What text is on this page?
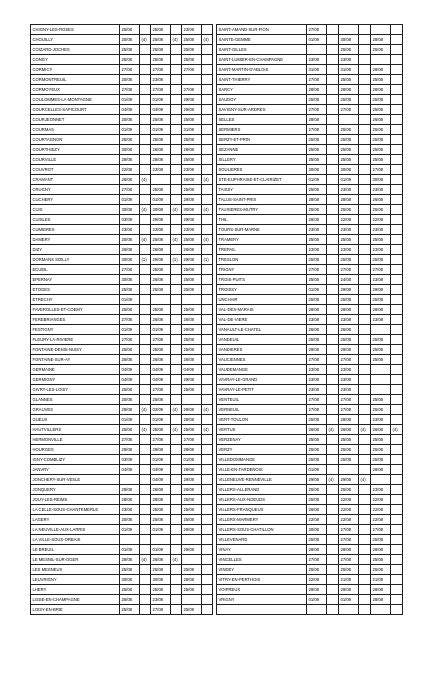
CHIGNY-LES-ROSES	25/08		25/08		23/08			SAINT-AMAND-SUR-FION	27/08					
CHOUILLY	25/08	(4)	25/08	(4)	25/08	(4)		SAINTE-GEMME	01/09		30/08		28/08	
COIZARD-JOCHES	25/08		25/08		25/08			SAINT-GILLES			25/08		25/08	
CONGY	25/08		25/08		25/08			SAINT-LUMIER-EN-CHAMPAGNE	23/08		23/08			
CORMICY	27/08		27/08		27/08			SAINT-MARTIN-D'ABLOIS	31/08		31/08		28/08	
CORMONTREUIL	25/08		23/08					SAINT-THIERRY	27/08		25/08		25/08	
CORMOYEUX	27/08		27/08		27/08			SARCY	28/08		28/08		28/08	
COULOMMES-LA-MONTAGNE	01/09		01/09		29/08			SAUDOY	25/08		25/08		25/08	
COURCELLES-SAPICOURT	04/09		04/09		29/08			SAVIGNY-SUR-ARDRES	27/08		27/08		25/08	
COURJEONNET	25/08		25/08		25/08			SELLES	28/08				26/08	
COURMAS	01/09		01/09		31/08			SERMIERS	27/08		25/08		25/08	
COURTAGNON	25/08		25/08		25/08			SERZY-ET-PRIN	25/08		25/08		25/08	
COURTHIEZY	30/08		26/08		28/08			SEZANNE	25/08		25/08		25/08	
COURVILLE	28/08		28/08		25/08			SILLERY	25/08		25/08		25/08	
COUVROT	22/08		23/08		23/08			SOULIERES	30/08		30/08		27/08	
CRAMANT	26/08	(4)			26/08	(4)		STE-EUPHRAISE-ET-CLAIRIZET	01/09		01/09		30/08	
CRUGNY	27/08		25/08		25/08			TAISSY	25/08		23/08		23/08	
CUCHERY	01/09		01/09		29/08			TALUS-SAINT-PRIX	28/08		28/08		26/08	
CUIS	30/08	(4)	30/08	(4)	30/08	(4)		TAUXIERES-MUTRY	25/08		25/08		25/08	
CUISLES	03/09		29/08		29/08			THIL	26/08		22/08		22/08	
CUMIERES	23/08		23/08		23/08			TOURS-SUR-MARNE	23/08		23/08		23/08	
DAMERY	25/08	(4)	25/08	(4)	25/08	(4)		TRAMERY	25/08		25/08		25/08	
DIZY	26/08		26/08		26/08			TREPAIL	23/08		23/08		23/08	
DORMANS SOILLY	30/08	(1)	29/08	(1)	29/08	(1)		TRESLON	25/08		25/08		25/08	
ECUEIL	27/08		25/08		25/08			TRIGNY	27/08		27/08		27/08	
EPERNAY	30/08		26/08		25/08			TROIS-PUITS	25/08		24/08		23/08	
ETOGES	25/08		25/08		25/08			TROISSY	01/09		29/08		29/08	
ETRECHY	01/09							UNCHAIR	25/08		25/08		25/08	
FAVEROLLES-ET-COEMY	25/08		25/08		25/08			VAL-DES-MARAIS	28/08		28/08		28/08	
FEREBRIANGES	27/08		26/08		26/08			VAL-DE-VIERE	23/08		23/08		23/08	
FESTIGNY	01/09		01/09		29/08			VANAULT-LE-CHATEL	26/08		26/08			
FLEURY-LA-RIVIERE	27/08		27/08		25/08			VANDEUIL	25/08		25/08		25/08	
FONTAINE-DENIS-NUISY	25/08		25/08		25/08			VANDIERES	29/08		29/08		25/08	
FONTAINE-SUR-AY	26/08		26/08		26/08			VAUCIENNES	27/08		27/08		25/08	
GERMAINE	04/09		04/09		04/09			VAUDEMANGE	23/08		23/08			
GERMIGNY	04/09		04/09		29/08			VAVRAY-LE-GRAND	23/08		23/08			
GIVRY-LES-LOISY	25/08		27/08		25/08			VAVRAY-LE-PETIT	23/08		23/08			
GLANNES	25/08		25/08					VENTEUIL	27/08		27/08		25/08	
GRAUVES	29/08	(4)	02/09	(4)	29/08	(4)		VERNEUIL	27/08		27/08		25/08	
GUEUX	01/09		01/09		28/08			VERT-TOULON	25/08		28/08		23/08	
HAUTVILLERS	25/08	(4)	25/08	(4)	25/08	(4)		VERTUS	26/08	(4)	26/08	(4)	26/08	(4)
HERMONVILLE	27/08		27/08		27/08			VERZENAY	25/08		25/08		25/08	
HOURGES	29/08		29/08		28/08			VERZY	25/08		25/08		25/08	
IGNY-COMBLIZY	03/09		01/09		01/09			VILLEDOMMANGE	25/08		25/08		25/08	
JANVRY	04/09		04/09		28/08			VILLE-EN-TARDENOIS	01/09				28/08	
JONCHERY-SUR-VESLE			04/09		29/08			VILLENEUVE-RENNEVILLE	29/08	(4)	29/08	(4)		
JONQUERY	29/08		26/08		26/08			VILLERS-ALLERAND	25/08		25/08		23/08	
JOUY-LES-REIMS	28/08		28/08		25/08			VILLERS-AUX-NOEUDS	25/08		22/08		22/08	
LA CELLE-SOUS-CHANTEMERLE	23/08		25/08		25/08			VILLERS-FRANQUEUX	26/08		22/08		22/08	
LAGERY	25/08		25/08		25/08			VILLERS-MARMERY	22/08		22/08		22/08	
LA NEUVILLE-AUX-LARRIS	01/09		01/09		29/08			VILLERS-SOUS-CHATILLON	30/08		27/08		27/08	
LA VILLE-SOUS-ORBAIS								VILLEVENARD	25/08		27/08		25/08	
LE BREUIL	01/09		01/09		29/08			VINAY	28/08		28/08		28/08	
LE MESNIL-SUR-OGER	28/08	(4)	26/08	(4)				VINCELLES	27/08		27/08		25/08	
LES MESNEUX	25/08		25/08		25/08			VINDEY	25/08		25/08		25/08	
LEUVRIGNY	30/08		30/08		28/08			VITRY-EN-PERTHOIS	22/08		21/08		21/08	
LHERY	25/08		25/08		25/08			VOIPREUX	29/08		29/08		28/08	
LISSE-EN-CHAMPAGNE	26/08		23/08					VRIGNY	01/09		01/09		28/08	
LOISY-EN-BRIE	25/08		27/08		25/08									
